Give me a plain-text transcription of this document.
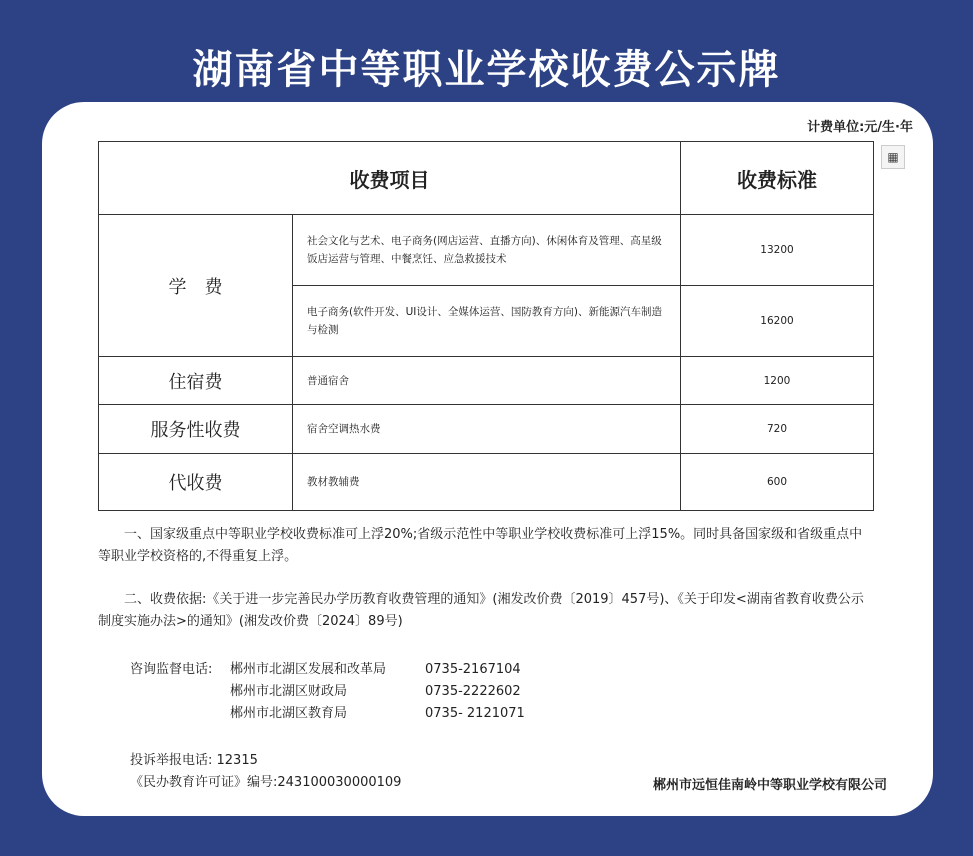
湖南省中等职业学校收费公示牌
计费单位:元/生·年
▦
收费项目		收费标准
学　费	社会文化与艺术、电子商务(网店运营、直播方向)、休闲体育及管理、高星级饭店运营与管理、中餐烹饪、应急救援技术	13200
	电子商务(软件开发、UI设计、全媒体运营、国防教育方向)、新能源汽车制造与检测	16200
住宿费	普通宿舍	1200
服务性收费	宿舍空调热水费	720
代收费	教材教辅费	600

一、国家级重点中等职业学校收费标准可上浮20%;省级示范性中等职业学校收费标准可上浮15%。同时具备国家级和省级重点中等职业学校资格的,不得重复上浮。

二、收费依据:《关于进一步完善民办学历教育收费管理的通知》(湘发改价费〔2019〕457号)、《关于印发<湖南省教育收费公示制度实施办法>的通知》(湘发改价费〔2024〕89号)

咨询监督电话: 郴州市北湖区发展和改革局	0735-2167104
郴州市北湖区财政局	0735-2222602
郴州市北湖区教育局	0735- 2121071
投诉举报电话: 12315
《民办教育许可证》编号:243100030000109	郴州市远恒佳南岭中等职业学校有限公司
